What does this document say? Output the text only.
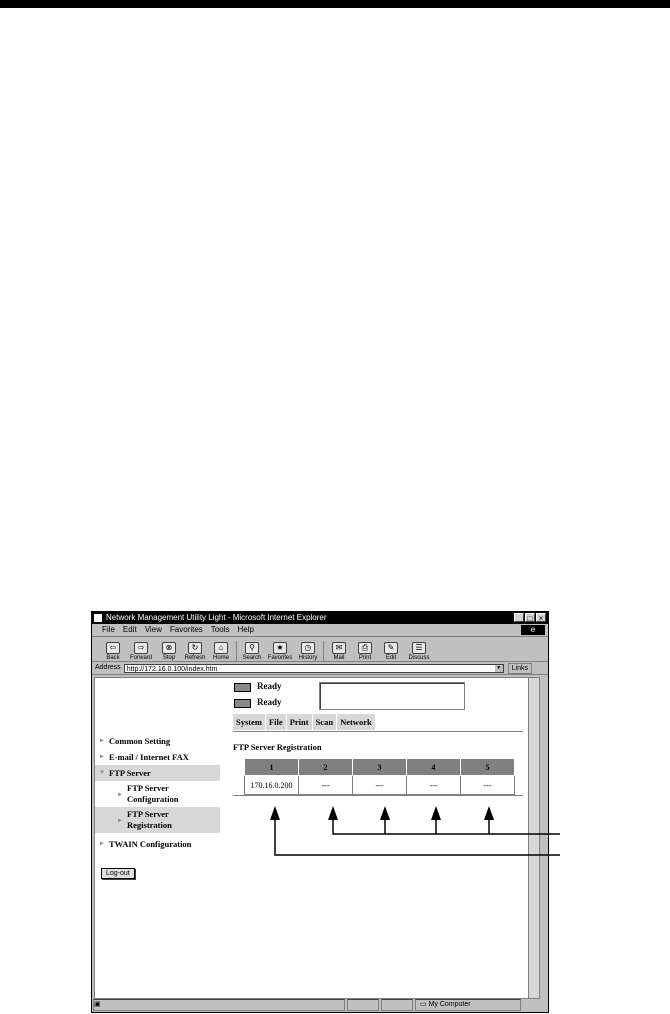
Network Management Utility Light - Microsoft Internet Explorer	_ □ ×
File Edit View Favorites Tools Help	e
⇦
Back
⇨
Forward
⊗
Stop
↻
Refresh
⌂
Home
⚲
Search
★
Favorites
◷
History
✉
Mail
⎙
Print
✎
Edit
☰
Discuss
Address http://172.16.0.100/index.htm	▼	Links
Ready
Ready
System File Print Scan Network
► Common Setting
► E-mail / Internet FAX
▼ FTP Server
►
FTP Server
Configuration
►
FTP Server
Registration
► TWAIN Configuration
Log-out
FTP Server Registration
1	2	3	4	5
170.16.0.200	---	---	---	---
▣	▭ My Computer
